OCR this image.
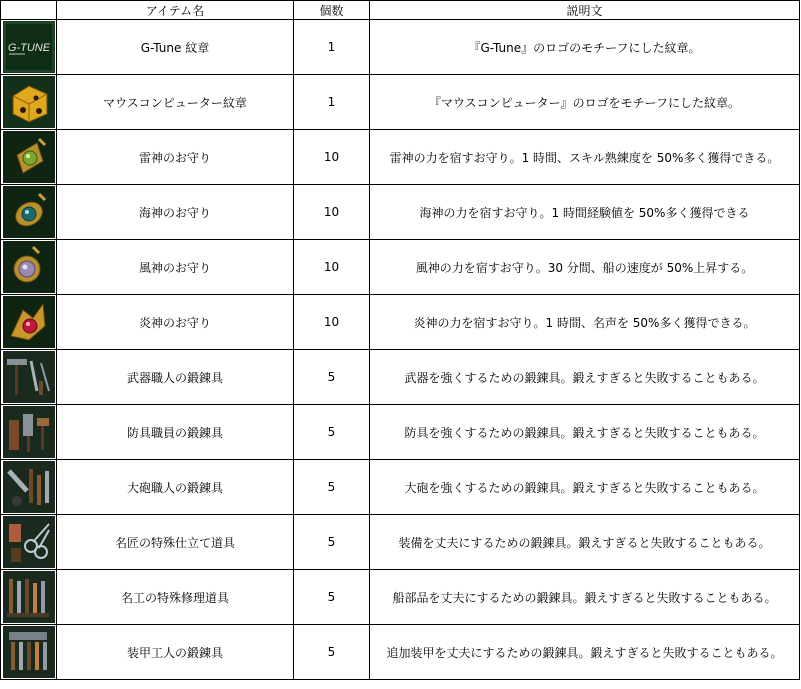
	アイテム名	個数	説明文

G-TUNE	G-Tune 紋章	1	『G-Tune』のロゴのモチーフにした紋章。

	マウスコンピューター紋章	1	『マウスコンピューター』のロゴをモチーフにした紋章。

	雷神のお守り	10	雷神の力を宿すお守り。1 時間、スキル熟練度を 50%多く獲得できる。

	海神のお守り	10	海神の力を宿すお守り。1 時間経験値を 50%多く獲得できる

	風神のお守り	10	風神の力を宿すお守り。30 分間、船の速度が 50%上昇する。

	炎神のお守り	10	炎神の力を宿すお守り。1 時間、名声を 50%多く獲得できる。

	武器職人の鍛錬具	5	武器を強くするための鍛錬具。鍛えすぎると失敗することもある。

	防具職員の鍛錬具	5	防具を強くするための鍛錬具。鍛えすぎると失敗することもある。

	大砲職人の鍛錬具	5	大砲を強くするための鍛錬具。鍛えすぎると失敗することもある。

	名匠の特殊仕立て道具	5	装備を丈夫にするための鍛錬具。鍛えすぎると失敗することもある。

	名工の特殊修理道具	5	船部品を丈夫にするための鍛錬具。鍛えすぎると失敗することもある。

	装甲工人の鍛錬具	5	追加装甲を丈夫にするための鍛錬具。鍛えすぎると失敗することもある。
